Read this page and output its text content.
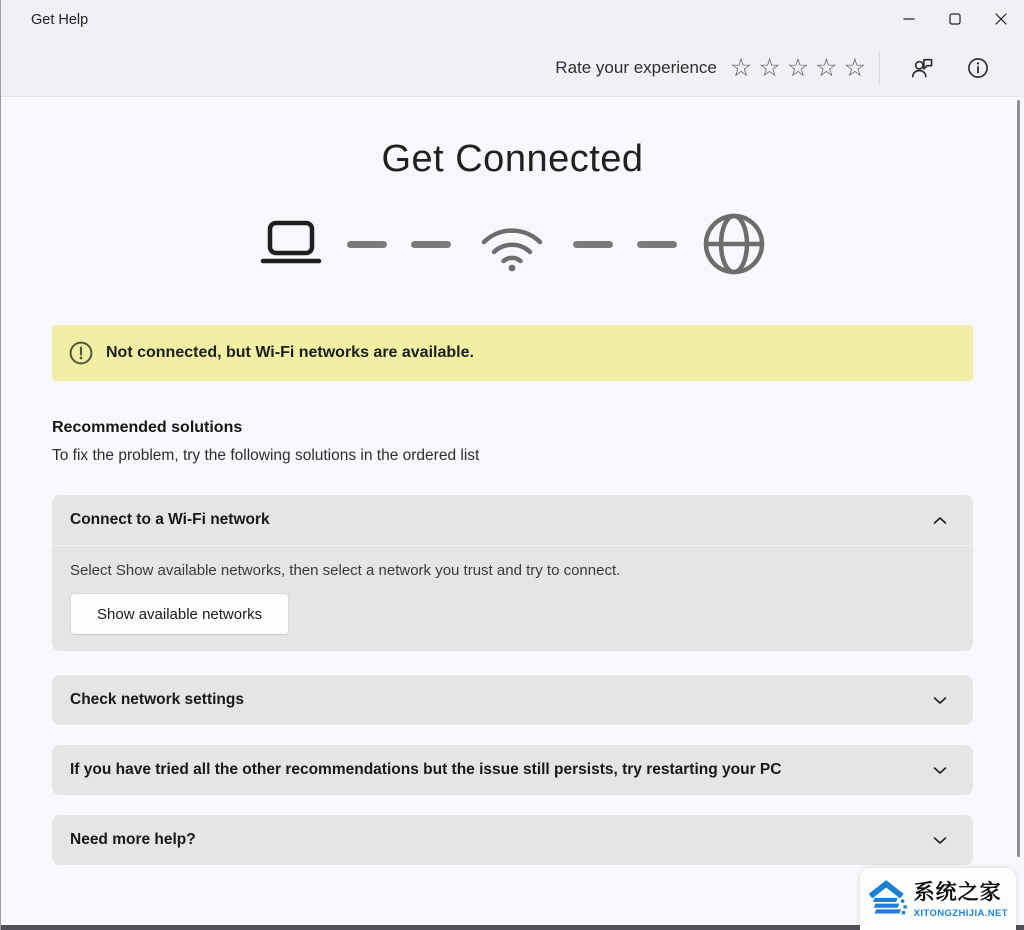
Get Help
Rate your experience ☆ ☆ ☆ ☆ ☆
Get Connected
Not connected, but Wi-Fi networks are available.
Recommended solutions
To fix the problem, try the following solutions in the ordered list
Connect to a Wi-Fi network
Select Show available networks, then select a network you trust and try to connect.
Show available networks
Check network settings
If you have tried all the other recommendations but the issue still persists, try restarting your PC
Need more help?
系统之家
XITONGZHIJIA.NET
